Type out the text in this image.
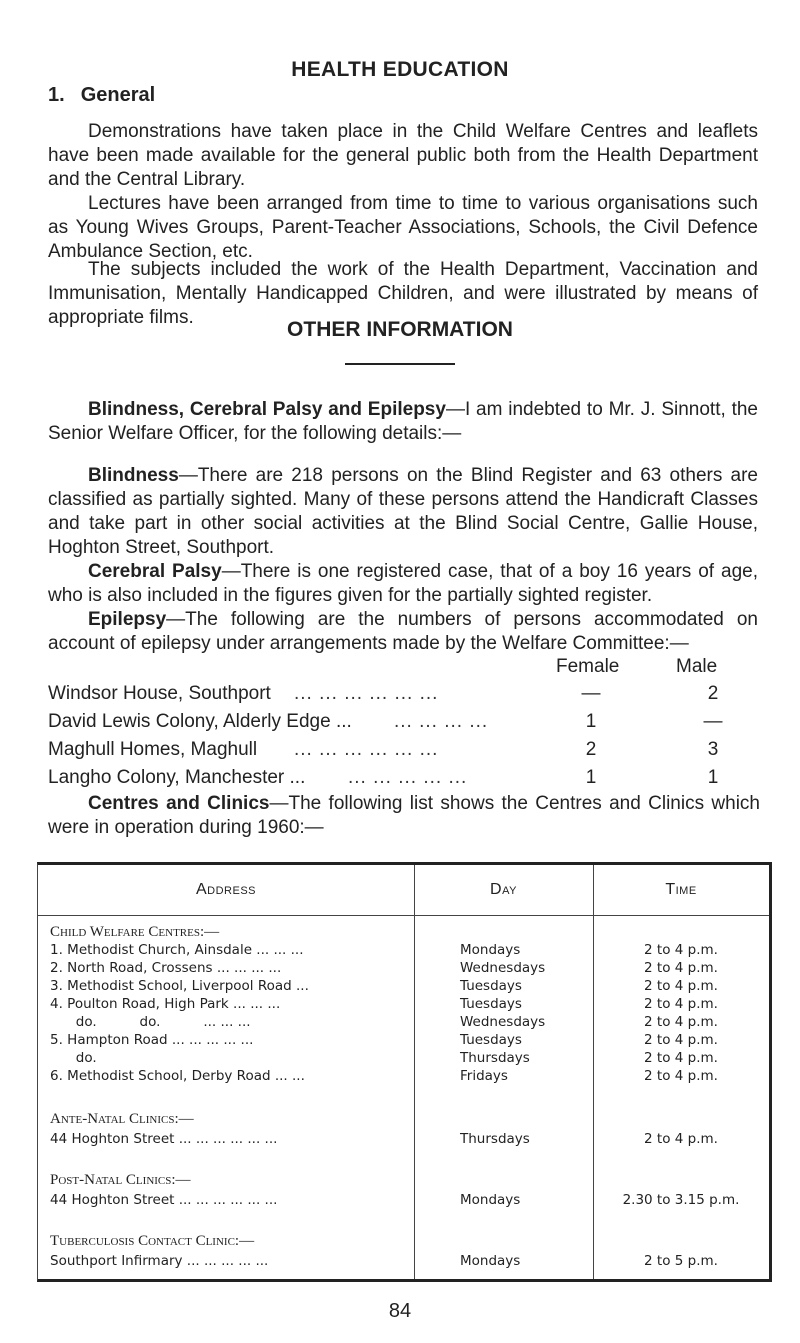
HEALTH EDUCATION
1. General
Demonstrations have taken place in the Child Welfare Centres and leaflets have been made available for the general public both from the Health Department and the Central Library.
Lectures have been arranged from time to time to various organisations such as Young Wives Groups, Parent-Teacher Associations, Schools, the Civil Defence Ambulance Section, etc.
The subjects included the work of the Health Department, Vaccination and Immunisation, Mentally Handicapped Children, and were illustrated by means of appropriate films.
OTHER INFORMATION
Blindness, Cerebral Palsy and Epilepsy—I am indebted to Mr. J. Sinnott, the Senior Welfare Officer, for the following details:—
Blindness—There are 218 persons on the Blind Register and 63 others are classified as partially sighted. Many of these persons attend the Handicraft Classes and take part in other social activities at the Blind Social Centre, Gallie House, Hoghton Street, Southport.
Cerebral Palsy—There is one registered case, that of a boy 16 years of age, who is also included in the figures given for the partially sighted register.
Epilepsy—The following are the numbers of persons accommodated on account of epilepsy under arrangements made by the Welfare Committee:—
Female	Male
Windsor House, Southport ... ... ... ... ... ...	—	2
David Lewis Colony, Alderly Edge ... ... ... ... ...	1	—
Maghull Homes, Maghull ... ... ... ... ... ...	2	3
Langho Colony, Manchester ... ... ... ... ... ...	1	1
Centres and Clinics—The following list shows the Centres and Clinics which were in operation during 1960:—
Address	Day	Time
Child Welfare Centres:—
1. Methodist Church, Ainsdale ... ... ...	Mondays	2 to 4 p.m.
2. North Road, Crossens ... ... ... ...	Wednesdays	2 to 4 p.m.
3. Methodist School, Liverpool Road ...	Tuesdays	2 to 4 p.m.
4. Poulton Road, High Park ... ... ...	Tuesdays	2 to 4 p.m.
do.          do.          ... ... ...	Wednesdays	2 to 4 p.m.
5. Hampton Road ... ... ... ... ...	Tuesdays	2 to 4 p.m.
do.	Thursdays	2 to 4 p.m.
6. Methodist School, Derby Road ... ...	Fridays	2 to 4 p.m.
Ante-Natal Clinics:—
44 Hoghton Street ... ... ... ... ... ...	Thursdays	2 to 4 p.m.
Post-Natal Clinics:—
44 Hoghton Street ... ... ... ... ... ...	Mondays	2.30 to 3.15 p.m.
Tuberculosis Contact Clinic:—
Southport Infirmary ... ... ... ... ...	Mondays	2 to 5 p.m.
84
